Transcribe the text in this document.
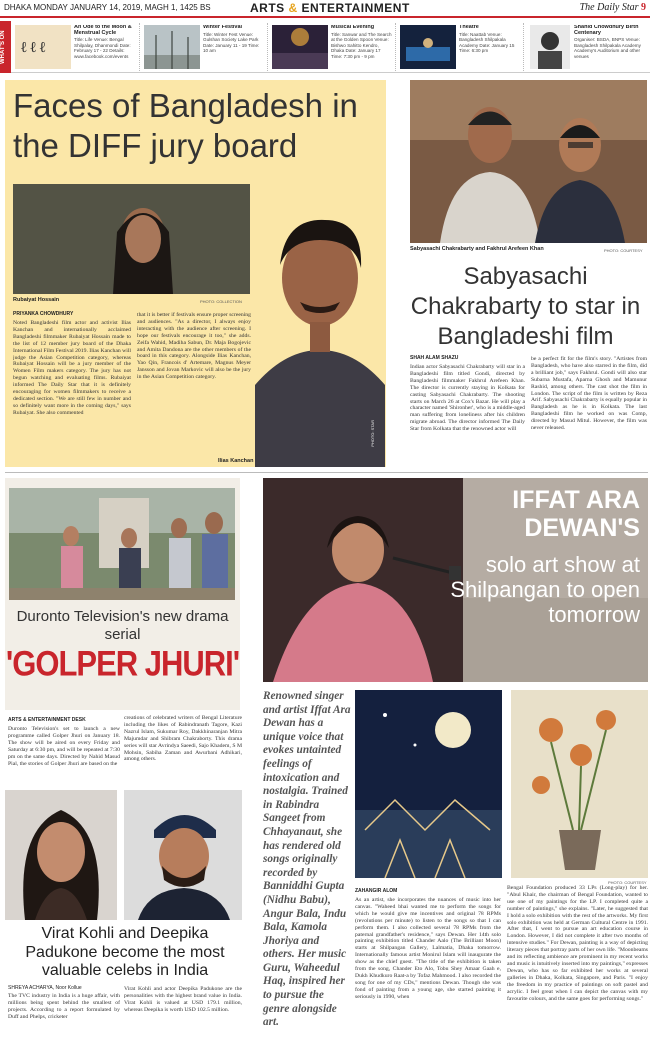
DHAKA MONDAY JANUARY 14, 2019, MAGH 1, 1425 BS	ARTS & ENTERTAINMENT	The Daily Star 9
WHAT'S ON	ℓ ℓ ℓ
An Ode to the Moon & Menstrual Cycle
Title: Life Venue: Bengal Shilpalay, Dhanmondi Date: February 17 - 22 Details: www.facebook.com/events
Winter Festival
Title: Winter Fest Venue: Gulshan Society Lake Park Date: January 11 - 19 Time: 10 am
Musical Evening
Title: Sanwar and The Search at the Golden Spoon Venue: Bishwo Sahitto Kendro, Dhaka Date: January 17 Time: 7:30 pm - 9 pm
Theatre
Title: Naattab Venue: Bangladesh Shilpakala Academy Date: January 15 Time: 6:30 pm
Shahid Chowdhury Birth Centenary
Organiser: BSDA, BNPS Venue: Bangladesh Shilpakala Academy Academy's Auditorium and other venues
Faces of Bangladesh in the DIFF jury board
Rubaiyat Hossain	PHOTO: COLLECTION
PHOTO: STAR
Ilias Kanchan
PRIYANKA CHOWDHURY
Noted Bangladeshi film actor and activist Ilias Kanchan and internationally acclaimed Bangladeshi filmmaker Rubaiyat Hossain made to the list of 12 member jury board of the Dhaka International Film Festival 2019. Ilias Kanchan will judge the Asian Competition category, whereas Rubaiyat Hossain will be a jury member of the Women Film makers category. The jury has not begun watching and evaluating films. Rubaiyat informed The Daily Star that it is definitely encouraging for women filmmakers to receive a dedicated section. "We are still few in number and so definitely want more in the coming days," says Rubaiyat. She also commented
that it is better if festivals ensure proper screening and audiences. "As a director, I always enjoy interacting with the audience after screening. I hope our festivals encourage it too," she adds. Zeifa Wahid, Madiha Sabun, Dr. Maja Bogojevic and Amita Dandona are the other members of the board in this category. Alongside Ilias Kanchan, Yao Qin, Francois d' Artemare, Magnus Meyer Jansson and Jovan Markovic will also be the jury in the Asian Competition category.
Sabyasachi Chakrabarty and Fakhrul Arefeen Khan	PHOTO: COURTESY
Sabyasachi Chakrabarty to star in Bangladeshi film
SHAH ALAM SHAZU
Indian actor Sabyasachi Chakrabarty will star in a Bangladeshi film titled Gondi, directed by Bangladeshi filmmaker Fakhrul Arefeen Khan. The director is currently staying in Kolkata for casting Sabyasachi Chakrabarty. The shooting starts on March 26 at Cox's Bazar. He will play a character named 'Shironher', who is a middle-aged man suffering from loneliness after his children migrate abroad. The director informed The Daily Star from Kolkata that the renowned actor will
be a perfect fit for the film's story. "Artistes from Bangladesh, who have also starred in the film, did a brilliant job," says Fakhrul. Gondi will also star Subarna Mustafa, Aparna Ghosh and Mamunur Rashid, among others. The cast shot the film in London. The script of the film is written by Reza Arif. Sabyasachi Chakrabarty is equally popular in Bangladesh as he is in Kolkata. The last Bangladeshi film he worked on was Comp, directed by Masud Mitul. However, the film was never released.
Duronto Television's new drama serial
'GOLPER JHURI'
ARTS & ENTERTAINMENT DESK
Duronto Television's set to launch a new programme called Golper Jhuri on January 18. The show will be aired on every Friday and Saturday at 6:30 pm, and will be repeated at 7:30 pm on the same days. Directed by Nahid Masud Pial, the stories of Golper Jhuri are based on the
creations of celebrated writers of Bengal Literature including the likes of Rabindranath Tagore, Kazi Nazrul Islam, Sukumar Roy, Dakkhinaranjan Mitra Majumdar and Shibram Chakraborty. This drama series will star Avrindya Saeedi, Sajo Khadem, S M Mohsin, Sabiha Zaman and Awurbani Adhikari, among others.
IFFAT ARA DEWAN'S
solo art show at Shilpangan to open tomorrow
Renowned singer and artist Iffat Ara Dewan has a unique voice that evokes untainted feelings of intoxication and nostalgia. Trained in Rabindra Sangeet from Chhayanaut, she has rendered old songs originally recorded by Banniddhi Gupta (Nidhu Babu), Angur Bala, Indu Bala, Kamola Jhoriya and others. Her music Guru, Waheedul Haq, inspired her to pursue the genre alongside art.
PHOTO: COURTESY
ZAHANGIR ALOM
As an artist, she incorporates the nuances of music into her canvas. "Waheed bhai wanted me to perform the songs for which he would give me incentives and original 78 RPMs (revolutions per minute) to listen to the songs so that I can perform them. I also collected several 78 RPMs from the paternal grandfather's residence," says Dewan. Her 14th solo painting exhibition titled Chander Aalo (The Brilliant Moon) starts at Shilpangan Gallery, Lalmatia, Dhaka tomorrow. Internationally famous artist Monirul Islam will inaugurate the show as the chief guest. "The title of the exhibition is taken from the song, Chander Eto Alo, Tobu Shey Amaar Gaah e, Dukh Khudkuro Raat-a by Tofaz Mahmood. I also recorded the song for one of my CDs," mentions Dewan. Though she was fond of painting from a young age, she started painting it seriously in 1990, when
Bengal Foundation produced 33 LPs (Long-play) for her. "Abul Khair, the chairman of Bengal Foundation, wanted to use one of my paintings for the LP. I completed quite a number of paintings," she explains. "Later, he suggested that I hold a solo exhibition with the rest of the artworks. My first solo exhibition was held at German Cultural Centre in 1991. After that, I went to pursue an art education course in London. However, I did not complete it after two months of intensive studies." For Dewan, painting is a way of depicting literary pieces that portray parts of her own life. "Moonbeams and its reflecting ambience are prominent in my recent works and music is intuitively inserted into my paintings," expresses Dewan, who has so far exhibited her works at several galleries in Dhaka, Kolkata, Singapore, and Paris. "I enjoy the freedom in my practice of paintings on soft pastel and acrylic. I feel great when I can depict the canvas with my favourite colours, and the same goes for performing songs."
Virat Kohli and Deepika Padukone become the most valuable celebs in India
SHREYA ACHARYA, Noor Kollue
The TVC industry in India is a huge affair, with millions being spent behind the smallest of projects. According to a report formulated by Duff and Phelps, cricketer
Virat Kohli and actor Deepika Padukone are the personalities with the highest brand value in India. Virat Kohli is valued at USD 179.1 million, whereas Deepika is worth USD 102.5 million.
